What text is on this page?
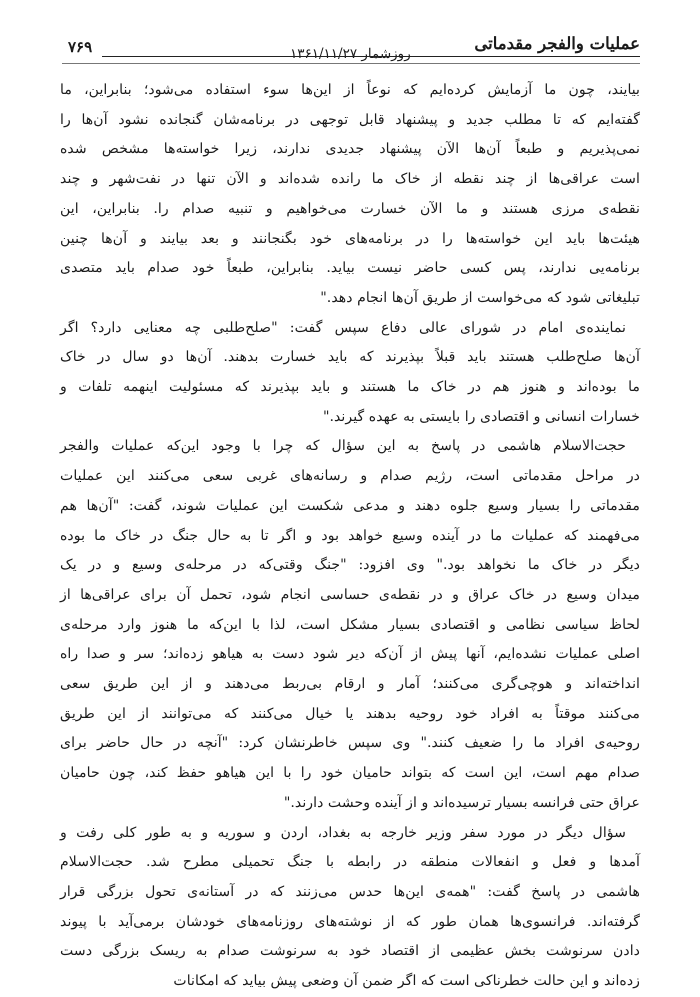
عملیات والفجر مقدماتی
روزشمار ۱۳۶۱/۱۱/۲۷
۷۶۹

بیایند، چون ما آزمایش کرده‌ایم که نوعاً از این‌ها سوء استفاده می‌شود؛ بنابراین، ما
گفته‌ایم که تا مطلب جدید و پیشنهاد قابل توجهی در برنامه‌شان گنجانده نشود آن‌ها را
نمی‌پذیریم و طبعاً آن‌ها الآن پیشنهاد جدیدی ندارند، زیرا خواسته‌ها مشخص شده
است عراقی‌ها از چند نقطه از خاک ما رانده شده‌اند و الآن تنها در نفت‌شهر و چند
نقطه‌ی مرزی هستند و ما الآن خسارت می‌خواهیم و تنبیه صدام را. بنابراین، این
هیئت‌ها باید این خواسته‌ها را در برنامه‌های خود بگنجانند و بعد بیایند و آن‌ها چنین
برنامه‌یی ندارند، پس کسی حاضر نیست بیاید. بنابراین، طبعاً خود صدام باید متصدی
تبلیغاتی شود که می‌خواست از طریق آن‌ها انجام دهد."

نماینده‌ی امام در شورای عالی دفاع سپس گفت: "صلح‌طلبی چه معنایی دارد؟ اگر
آن‌ها صلح‌طلب هستند باید قبلاً بپذیرند که باید خسارت بدهند. آن‌ها دو سال در خاک
ما بوده‌اند و هنوز هم در خاک ما هستند و باید بپذیرند که مسئولیت اینهمه تلفات و
خسارات انسانی و اقتصادی را بایستی به عهده گیرند."

حجت‌الاسلام هاشمی در پاسخ به این سؤال که چرا با وجود این‌که عملیات والفجر
در مراحل مقدماتی است، رژیم صدام و رسانه‌های غربی سعی می‌کنند این عملیات
مقدماتی را بسیار وسیع جلوه دهند و مدعی شکست این عملیات شوند، گفت: "آن‌ها هم
می‌فهمند که عملیات ما در آینده وسیع خواهد بود و اگر تا به حال جنگ در خاک ما بوده
دیگر در خاک ما نخواهد بود." وی افزود: "جنگ وقتی‌که در مرحله‌ی وسیع و در یک
میدان وسیع در خاک عراق و در نقطه‌ی حساسی انجام شود، تحمل آن برای عراقی‌ها از
لحاظ سیاسی نظامی و اقتصادی بسیار مشکل است، لذا با این‌که ما هنوز وارد مرحله‌ی
اصلی عملیات نشده‌ایم، آنها پیش از آن‌که دیر شود دست به هیاهو زده‌اند؛ سر و صدا راه
انداخته‌اند و هوچی‌گری می‌کنند؛ آمار و ارقام بی‌ربط می‌دهند و از این طریق سعی
می‌کنند موقتاً به افراد خود روحیه بدهند یا خیال می‌کنند که می‌توانند از این طریق
روحیه‌ی افراد ما را ضعیف کنند." وی سپس خاطرنشان کرد: "آنچه در حال حاضر برای
صدام مهم است، این است که بتواند حامیان خود را با این هیاهو حفظ کند، چون حامیان
عراق حتی فرانسه بسیار ترسیده‌اند و از آینده وحشت دارند."

سؤال دیگر در مورد سفر وزیر خارجه به بغداد، اردن و سوریه و به طور کلی رفت و
آمدها و فعل و انفعالات منطقه در رابطه با جنگ تحمیلی مطرح شد. حجت‌الاسلام
هاشمی در پاسخ گفت: "همه‌ی این‌ها حدس می‌زنند که در آستانه‌ی تحول بزرگی قرار
گرفته‌اند. فرانسوی‌ها همان طور که از نوشته‌های روزنامه‌های خودشان برمی‌آید با پیوند
دادن سرنوشت بخش عظیمی از اقتصاد خود به سرنوشت صدام به ریسک بزرگی دست
زده‌اند و این حالت خطرناکی است که اگر ضمن آن وضعی پیش بیاید که امکانات
